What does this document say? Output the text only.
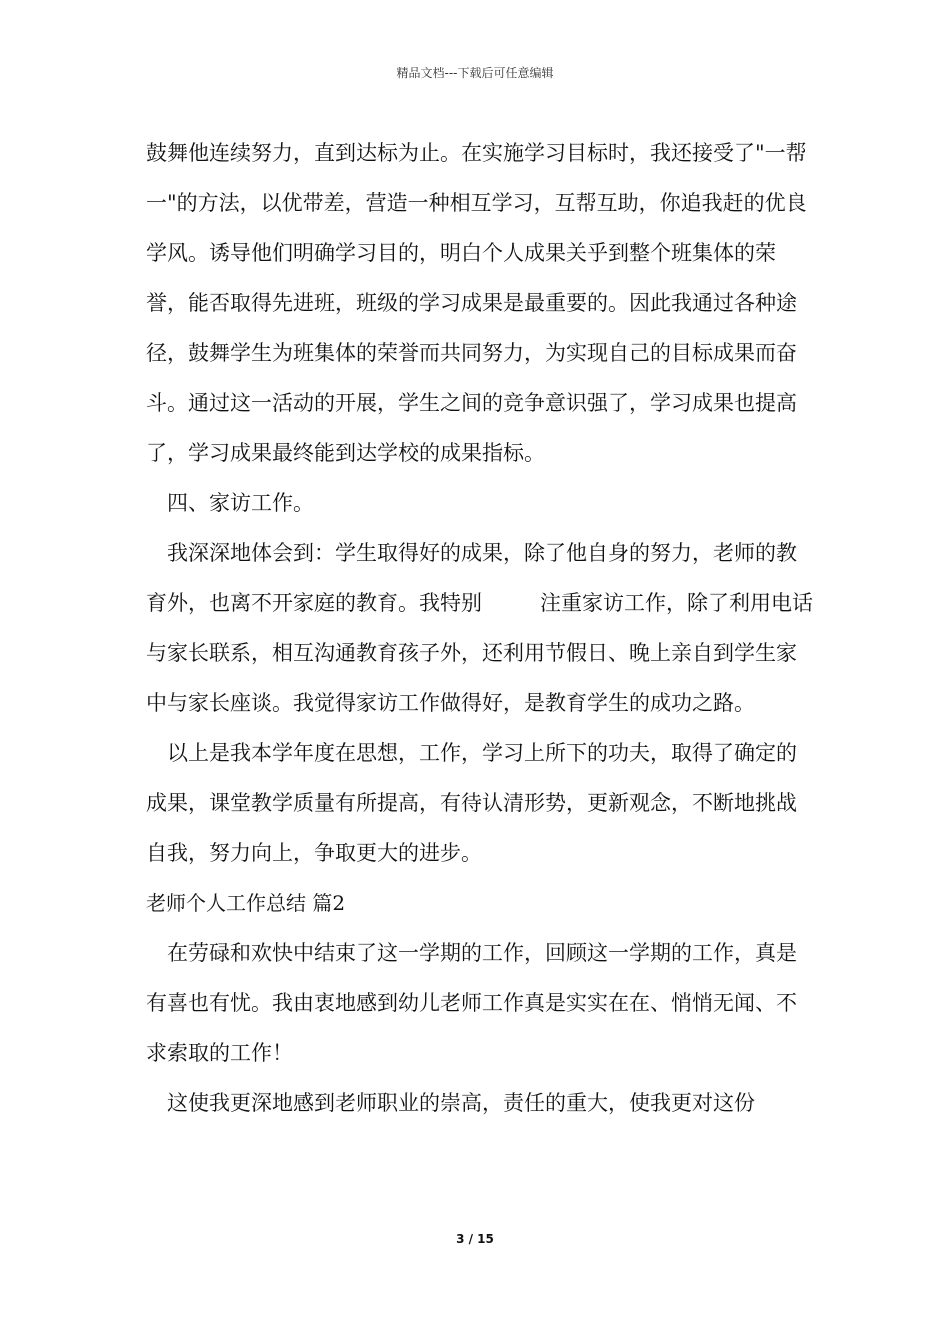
精品文档---下载后可任意编辑

鼓舞他连续努力，直到达标为止。在实施学习目标时，我还接受了"一帮一"的方法，以优带差，营造一种相互学习，互帮互助，你追我赶的优良学风。诱导他们明确学习目的，明白个人成果关乎到整个班集体的荣誉，能否取得先进班，班级的学习成果是最重要的。因此我通过各种途径，鼓舞学生为班集体的荣誉而共同努力，为实现自己的目标成果而奋斗。通过这一活动的开展，学生之间的竞争意识强了，学习成果也提高了，学习成果最终能到达学校的成果指标。

四、家访工作。

我深深地体会到：学生取得好的成果，除了他自身的努力，老师的教育外，也离不开家庭的教育。我特别	注重家访工作，除了利用电话与家长联系，相互沟通教育孩子外，还利用节假日、晚上亲自到学生家中与家长座谈。我觉得家访工作做得好，是教育学生的成功之路。

以上是我本学年度在思想，工作，学习上所下的功夫，取得了确定的成果，课堂教学质量有所提高，有待认清形势，更新观念，不断地挑战自我，努力向上，争取更大的进步。

老师个人工作总结 篇2

在劳碌和欢快中结束了这一学期的工作，回顾这一学期的工作，真是有喜也有忧。我由衷地感到幼儿老师工作真是实实在在、悄悄无闻、不求索取的工作！

这使我更深地感到老师职业的崇高，责任的重大，使我更对这份

3 / 15
